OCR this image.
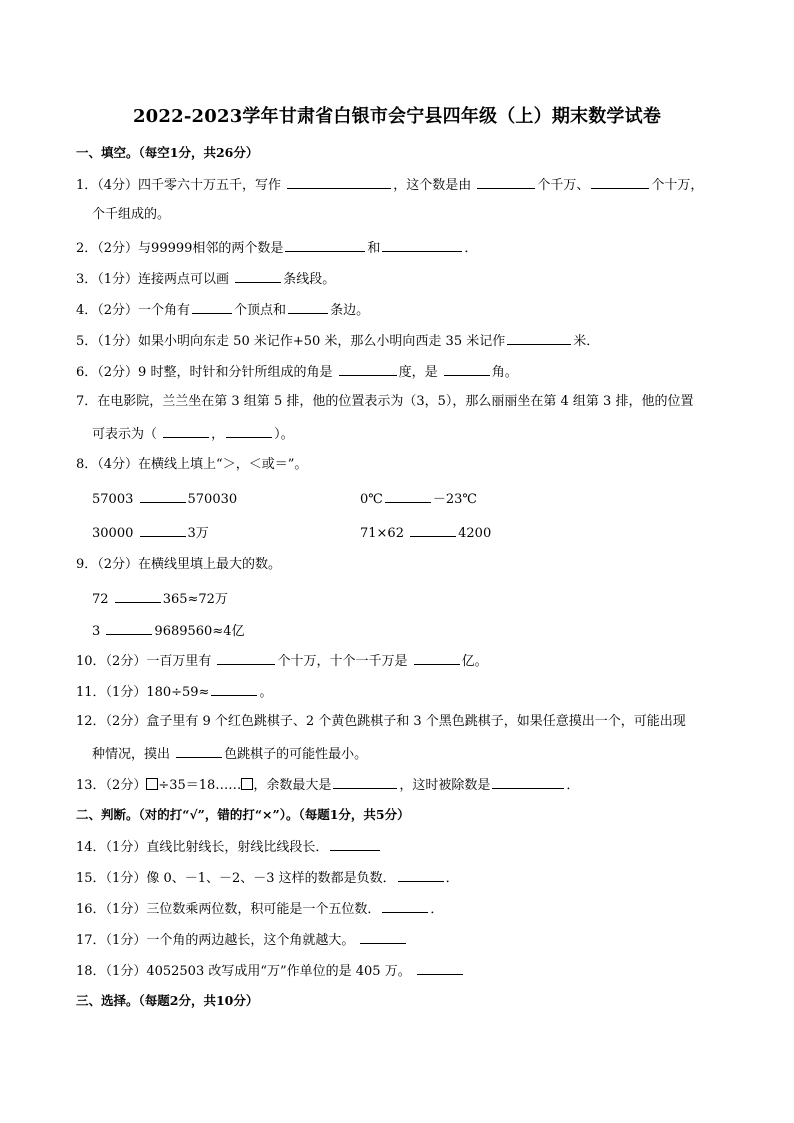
2022-2023学年甘肃省白银市会宁县四年级（上）期末数学试卷
一、填空。（每空1分，共26分）
1．（4分）四千零六十万五千，写作	，这个数是由	个千万、	个十万，
个千组成的。
2．（2分）与99999相邻的两个数是	和	．
3．（1分）连接两点可以画	条线段。
4．（2分）一个角有	个顶点和	条边。
5．（1分）如果小明向东走 50 米记作+50 米，那么小明向西走 35 米记作	米．
6．（2分）9 时整，时针和分针所组成的角是	度，是	角。
7．在电影院，兰兰坐在第 3 组第 5 排，他的位置表示为（3，5），那么丽丽坐在第 4 组第 3 排，他的位置
可表示为（	，	）。
8．（4分）在横线上填上“＞，＜或＝”。
57003	570030	0℃	－23℃
30000	3万	71×62	4200
9．（2分）在横线里填上最大的数。
72	365≈72万
3	9689560≈4亿
10．（2分）一百万里有	个十万，十个一千万是	亿。
11．（1分）180÷59≈	。
12．（2分）盒子里有 9 个红色跳棋子、2 个黄色跳棋子和 3 个黑色跳棋子，如果任意摸出一个，可能出现
种情况，摸出	色跳棋子的可能性最小。
13．（2分） ÷35＝18…… ，余数最大是	，这时被除数是	．
二、判断。（对的打“√”，错的打“×”）。（每题1分，共5分）
14．（1分）直线比射线长，射线比线段长．
15．（1分）像 0、－1、－2、－3 这样的数都是负数．	．
16．（1分）三位数乘两位数，积可能是一个五位数．	．
17．（1分）一个角的两边越长，这个角就越大。
18．（1分）4052503 改写成用“万”作单位的是 405 万。
三、选择。（每题2分，共10分）
